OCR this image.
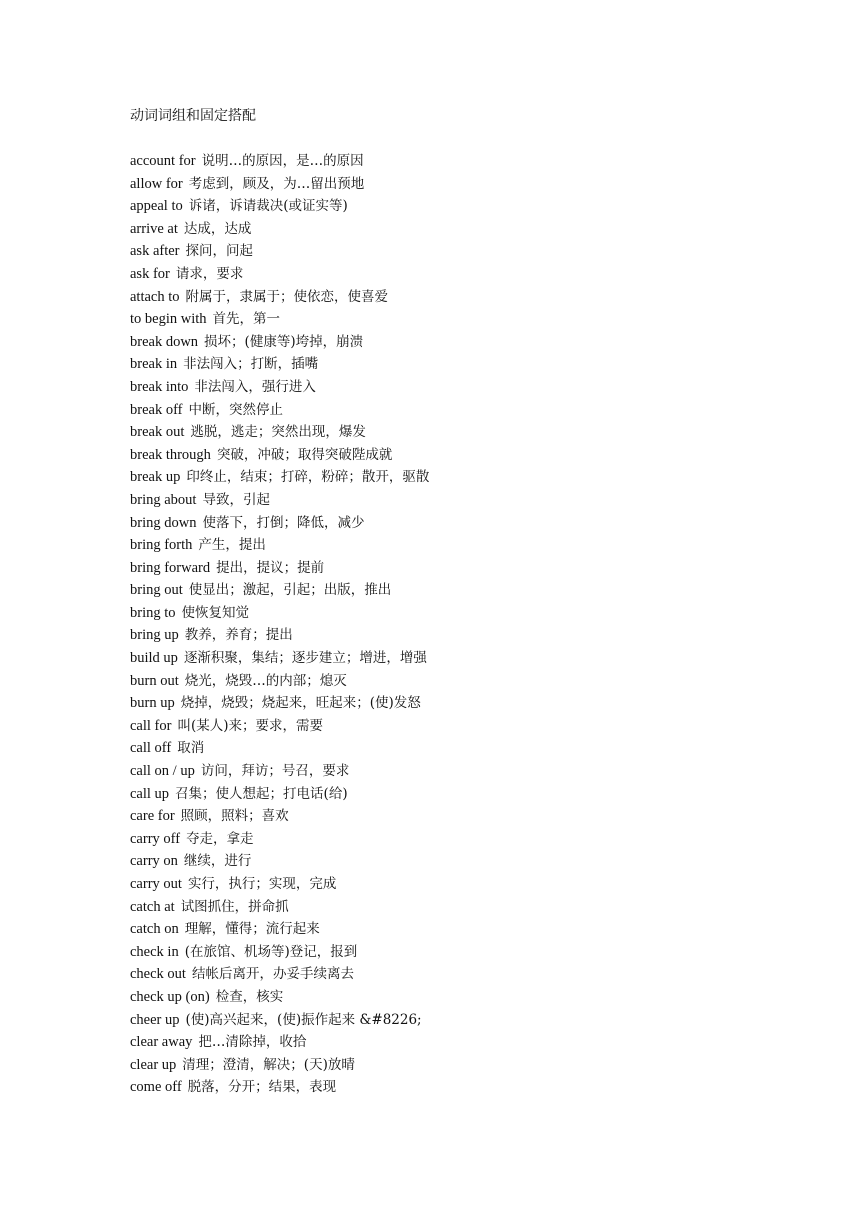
动词词组和固定搭配
account for 说明…的原因，是…的原因
allow for 考虑到，顾及，为…留出预地
appeal to 诉诸，诉请裁决(或证实等)
arrive at 达成，达成
ask after 探问，问起
ask for 请求，要求
attach to 附属于，隶属于；使依恋，使喜爱
to begin with 首先，第一
break down 损坏；(健康等)垮掉，崩溃
break in 非法闯入；打断，插嘴
break into 非法闯入，强行进入
break off 中断，突然停止
break out 逃脱，逃走；突然出现，爆发
break through 突破，冲破；取得突破陛成就
break up 印终止，结束；打碎，粉碎；散开，驱散
bring about 导致，引起
bring down 使落下，打倒；降低，减少
bring forth 产生，提出
bring forward 提出，提议；提前
bring out 使显出；激起，引起；出版，推出
bring to 使恢复知觉
bring up 教养，养育；提出
build up 逐渐积聚，集结；逐步建立；增进，增强
burn out 烧光，烧毁…的内部；熄灭
burn up 烧掉，烧毁；烧起来，旺起来；(使)发怒
call for 叫(某人)来；要求，需要
call off 取消
call on / up 访问，拜访；号召，要求
call up 召集；使人想起；打电话(给)
care for 照顾，照料；喜欢
carry off 夺走，拿走
carry on 继续，进行
carry out 实行，执行；实现，完成
catch at 试图抓住，拼命抓
catch on 理解，懂得；流行起来
check in (在旅馆、机场等)登记，报到
check out 结帐后离开，办妥手续离去
check up (on) 检查，核实
cheer up (使)高兴起来，(使)振作起来 &#8226;
clear away 把…清除掉，收拾
clear up 清理；澄清，解决；(天)放晴
come off 脱落，分开；结果，表现
